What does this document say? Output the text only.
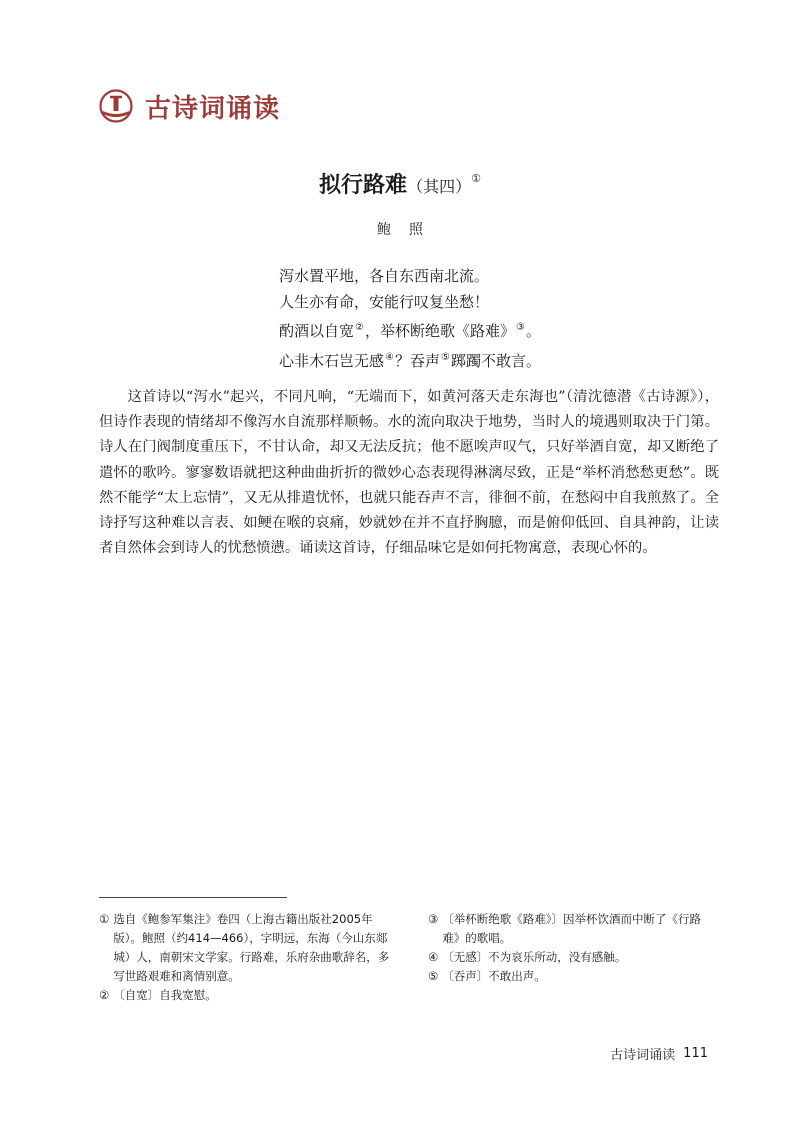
古诗词诵读
拟行路难（其四）①
鲍照
泻水置平地，各自东西南北流。
人生亦有命，安能行叹复坐愁！
酌酒以自宽②，举杯断绝歌《路难》③。
心非木石岂无感④？吞声⑤踯躅不敢言。

这首诗以“泻水”起兴，不同凡响，“无端而下，如黄河落天走东海也”（清沈德潜《古诗源》），但诗作表现的情绪却不像泻水自流那样顺畅。水的流向取决于地势，当时人的境遇则取决于门第。诗人在门阀制度重压下，不甘认命，却又无法反抗；他不愿唉声叹气，只好举酒自宽，却又断绝了遣怀的歌吟。寥寥数语就把这种曲曲折折的微妙心态表现得淋漓尽致，正是“举杯消愁愁更愁”。既然不能学“太上忘情”，又无从排遣忧怀，也就只能吞声不言，徘徊不前，在愁闷中自我煎熬了。全诗抒写这种难以言表、如鲠在喉的哀痛，妙就妙在并不直抒胸臆，而是俯仰低回、自具神韵，让读者自然体会到诗人的忧愁愤懑。诵读这首诗，仔细品味它是如何托物寓意，表现心怀的。

① 选自《鲍参军集注》卷四（上海古籍出版社2005年版）。鲍照（约414—466），字明远，东海（今山东郯城）人，南朝宋文学家。行路难，乐府杂曲歌辞名，多写世路艰难和离情别意。

② 〔自宽〕自我宽慰。

③ 〔举杯断绝歌《路难》〕因举杯饮酒而中断了《行路难》的歌唱。

④ 〔无感〕不为哀乐所动，没有感触。

⑤ 〔吞声〕不敢出声。

古诗词诵读 111
